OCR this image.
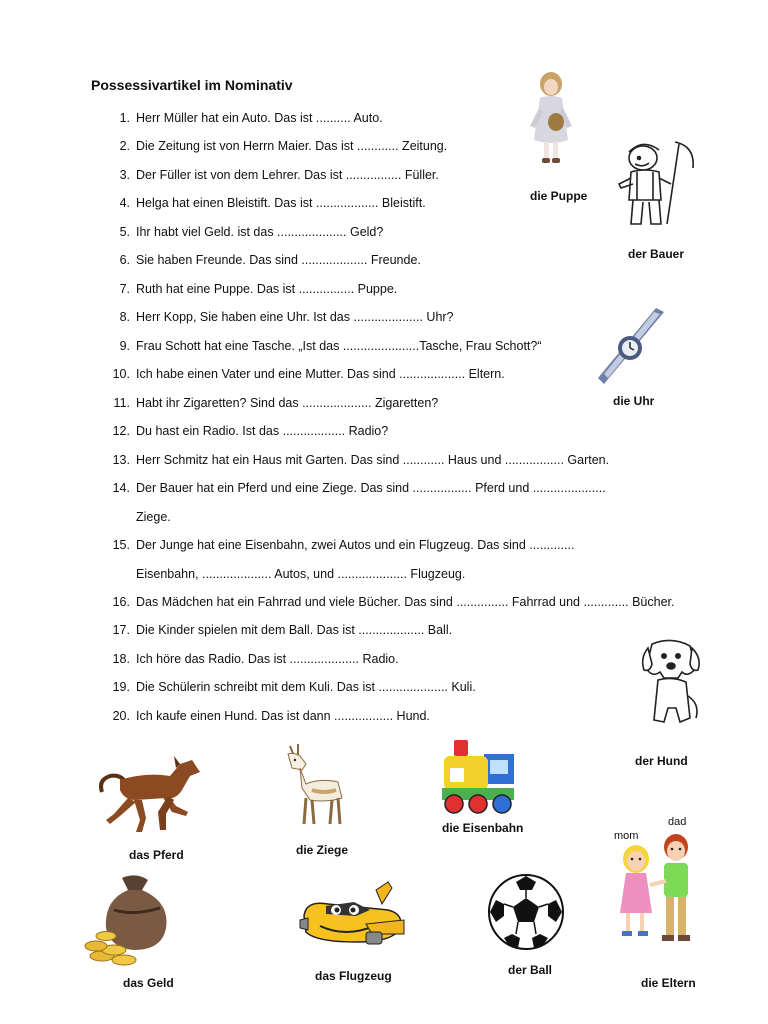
Possessivartikel im Nominativ
1. Herr Müller hat ein Auto. Das ist .......... Auto.
2. Die Zeitung ist von Herrn Maier. Das ist ............ Zeitung.
3. Der Füller ist von dem Lehrer. Das ist ................ Füller.
4. Helga hat einen Bleistift. Das ist .................. Bleistift.
5. Ihr habt viel Geld. ist das .................... Geld?
6. Sie haben Freunde. Das sind ................... Freunde.
7. Ruth hat eine Puppe. Das ist ................ Puppe.
8. Herr Kopp, Sie haben eine Uhr. Ist das .................... Uhr?
9. Frau Schott hat eine Tasche. „Ist das ......................Tasche, Frau Schott?“
10. Ich habe einen Vater und eine Mutter. Das sind ................... Eltern.
11. Habt ihr Zigaretten? Sind das .................... Zigaretten?
12. Du hast ein Radio. Ist das .................. Radio?
13. Herr Schmitz hat ein Haus mit Garten. Das sind ............ Haus und ................. Garten.
14. Der Bauer hat ein Pferd und eine Ziege. Das sind ................. Pferd und .....................
Ziege.
15. Der Junge hat eine Eisenbahn, zwei Autos und ein Flugzeug. Das sind .............
Eisenbahn, .................... Autos, und .................... Flugzeug.
16. Das Mädchen hat ein Fahrrad und viele Bücher. Das sind ............... Fahrrad und ............. Bücher.
17. Die Kinder spielen mit dem Ball. Das ist ................... Ball.
18. Ich höre das Radio. Das ist .................... Radio.
19. Die Schülerin schreibt mit dem Kuli. Das ist .................... Kuli.
20. Ich kaufe einen Hund. Das ist dann ................. Hund.
die Puppe
der Bauer
die Uhr
der Hund
das Pferd	die Ziege
die Eisenbahn
mom
dad
die Eltern
das Geld	das Flugzeug	der Ball
